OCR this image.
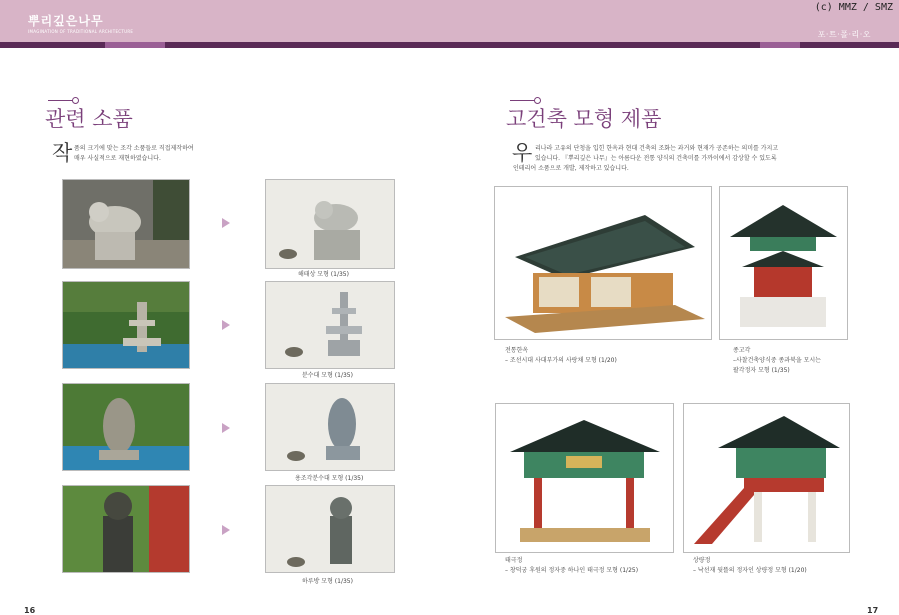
뿌리깊은나무
IMAGINATION OF TRADITIONAL ARCHITECTURE
(c) MMZ / SMZ
포·트·폴·리·오
관련 소품
작 품의 크기에 맞는 조각 소품들로 직접제작하여
매우 사실적으로 재현하였습니다.
해태상 모형 (1/35)
분수대 모형 (1/35)
용조각분수대 모형 (1/35)
하루방 모형 (1/35)
16
고건축 모형 제품
우 리나라 고유의 단청을 입힌 한옥과 현대 건축의 조화는 과거와 현재가 공존하는 의미를 가지고
있습니다. 『뿌리깊은 나무』는 아름다운 전통 양식의 건축미를 가까이에서 감상할 수 있도록
인테리어 소품으로 개발, 제작하고 있습니다.
전통한옥
– 조선시대 사대부가의 사랑채 모형 (1/20)
종고각
–사찰건축양식중 종과북을 모시는
팔각정자 모형 (1/35)
태극정
– 창덕궁 후원의 정자중 하나인 태극정 모형 (1/25)
상량정
– 낙선재 뒷뜰의 정자인 상량정 모형 (1/20)
17
